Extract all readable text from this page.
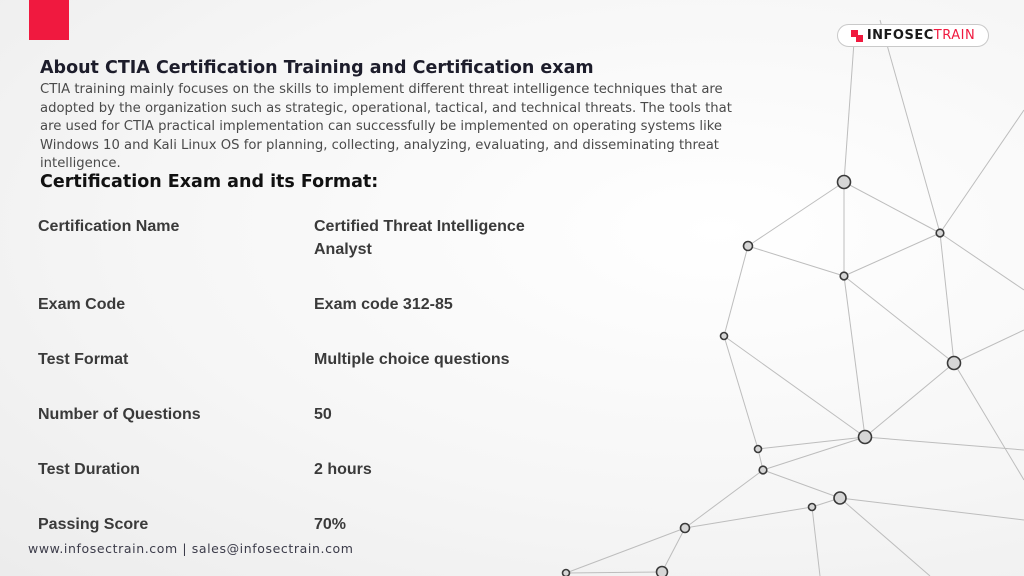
INFOSECTRAIN
About CTIA Certification Training and Certification exam

CTIA training mainly focuses on the skills to implement different threat intelligence techniques that are adopted by the organization such as strategic, operational, tactical, and technical threats. The tools that are used for CTIA practical implementation can successfully be implemented on operating systems like Windows 10 and Kali Linux OS for planning, collecting, analyzing, evaluating, and disseminating threat intelligence.

Certification Exam and its Format:
Certification Name	Certified Threat Intelligence Analyst
Exam Code	Exam code 312-85
Test Format	Multiple choice questions
Number of Questions	50
Test Duration	2 hours
Passing Score	70%

www.infosectrain.com | sales@infosectrain.com
